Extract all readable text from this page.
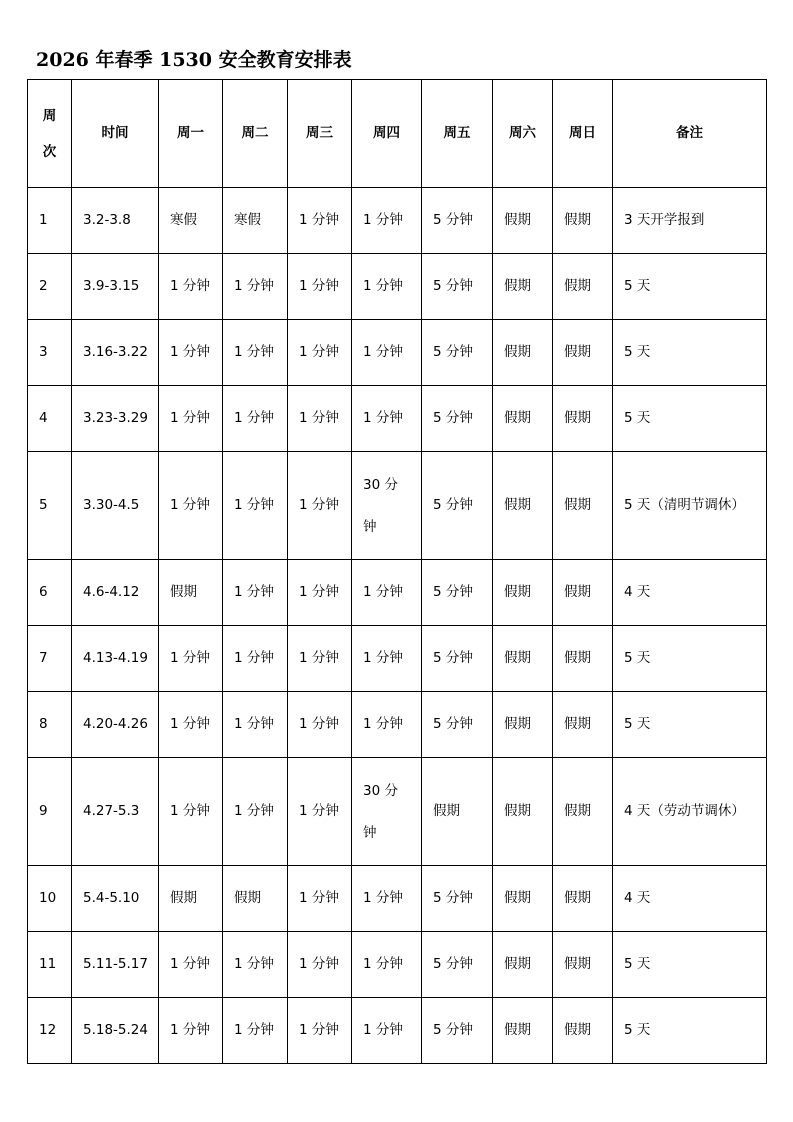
2026 年春季 1530 安全教育安排表
周次	时间	周一	周二	周三	周四	周五	周六	周日	备注
1	3.2-3.8	寒假	寒假	1 分钟	1 分钟	5 分钟	假期	假期	3 天开学报到
2	3.9-3.15	1 分钟	1 分钟	1 分钟	1 分钟	5 分钟	假期	假期	5 天
3	3.16-3.22	1 分钟	1 分钟	1 分钟	1 分钟	5 分钟	假期	假期	5 天
4	3.23-3.29	1 分钟	1 分钟	1 分钟	1 分钟	5 分钟	假期	假期	5 天
5	3.30-4.5	1 分钟	1 分钟	1 分钟	30 分钟	5 分钟	假期	假期	5 天（清明节调休）
6	4.6-4.12	假期	1 分钟	1 分钟	1 分钟	5 分钟	假期	假期	4 天
7	4.13-4.19	1 分钟	1 分钟	1 分钟	1 分钟	5 分钟	假期	假期	5 天
8	4.20-4.26	1 分钟	1 分钟	1 分钟	1 分钟	5 分钟	假期	假期	5 天
9	4.27-5.3	1 分钟	1 分钟	1 分钟	30 分钟	假期	假期	假期	4 天（劳动节调休）
10	5.4-5.10	假期	假期	1 分钟	1 分钟	5 分钟	假期	假期	4 天
11	5.11-5.17	1 分钟	1 分钟	1 分钟	1 分钟	5 分钟	假期	假期	5 天
12	5.18-5.24	1 分钟	1 分钟	1 分钟	1 分钟	5 分钟	假期	假期	5 天
